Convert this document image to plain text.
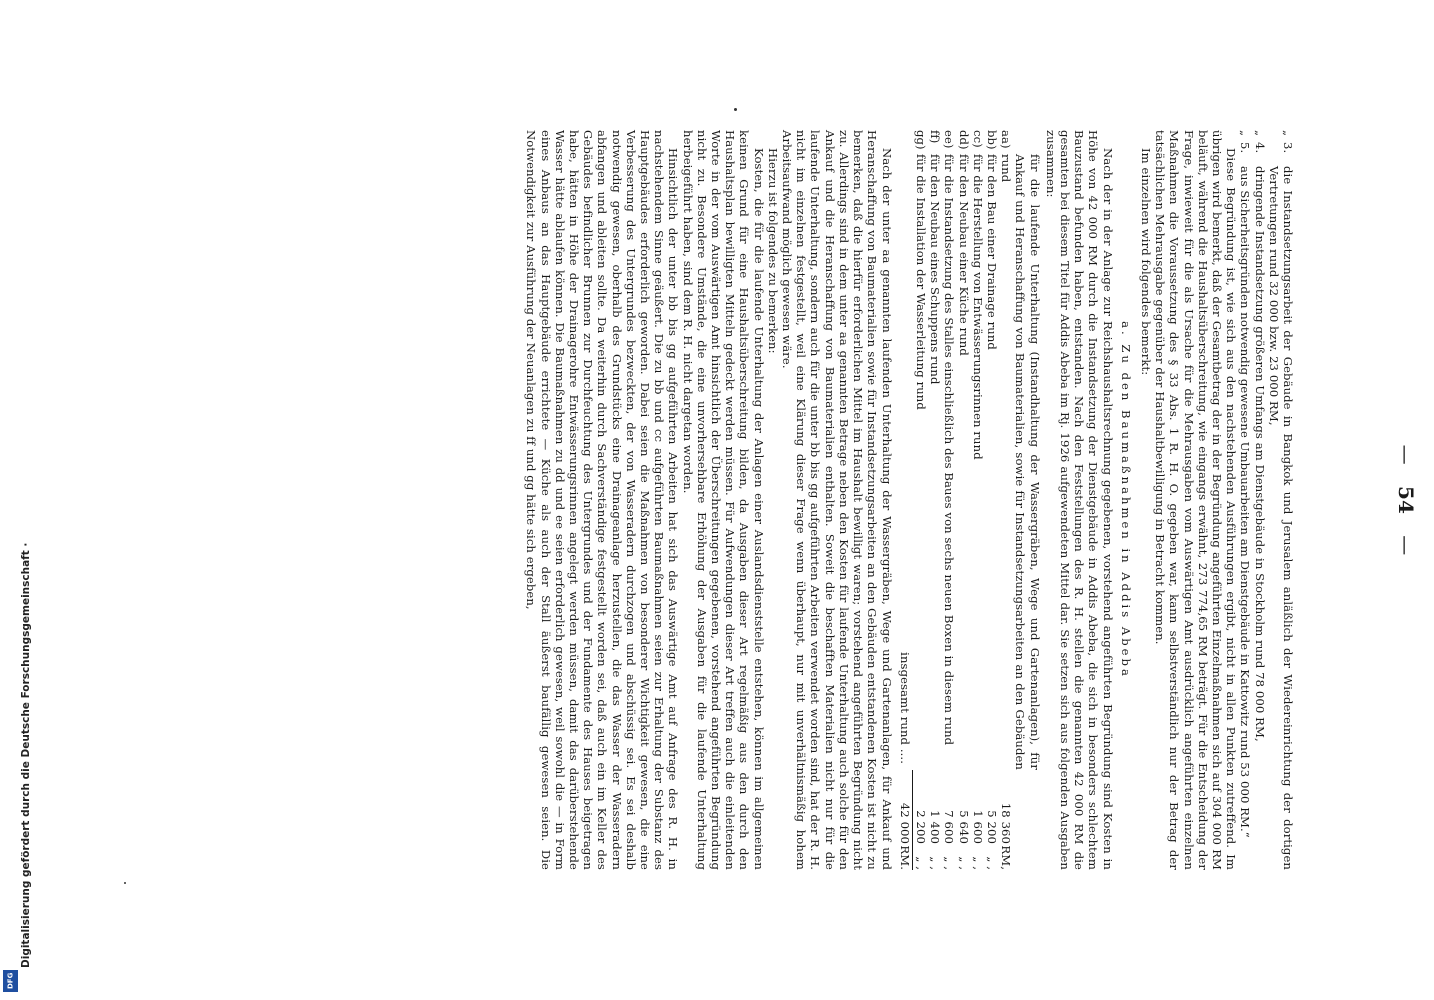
—   54   —

„
3.
die Instandsetzungsarbeit der Gebäude in Bangkok und Jerusalem anläßlich der Wiedereinrichtung der dortigen Vertretungen rund 32 000 bzw. 23 000 RM,

„
4.
dringende Instandsetzung größeren Umfangs am Dienstgebäude in Stockholm rund 78 000 RM,

„
5.
aus Sicherheitsgründen notwendig gewesene Umbauarbeiten am Dienstgebäude in Kattowitz rund 53 000 RM.“

Diese Begründung ist, wie sich aus den nachstehenden Ausführungen ergibt, nicht in allen Punkten zutreffend. Im übrigen wird bemerkt, daß der Gesamtbetrag der in der Begründung angeführten Einzelmaßnahmen sich auf 304 000 RM beläuft, während die Haushaltsüberschreitung, wie eingangs erwähnt, 273 774,65 RM beträgt. Für die Entscheidung der Frage, inwieweit für die als Ursache für die Mehrausgaben vom Auswärtigen Amt ausdrücklich angeführten einzelnen Maßnahmen die Voraussetzung des § 33 Abs. 1 R. H. O. gegeben war, kann selbstverständlich nur der Betrag der tatsächlichen Mehrausgabe gegenüber der Haushaltbewilligung in Betracht kommen.

Im einzelnen wird folgendes bemerkt:

a. Zu den Baumaßnahmen in Addis Abeba

Nach der in der Anlage zur Reichshaushaltsrechnung gegebenen, vorstehend angeführten Begründung sind Kosten in Höhe von 42 000 RM durch die Instandsetzung der Dienstgebäude in Addis Abeba, die sich in besonders schlechtem Bauzustand befunden haben, entstanden. Nach den Feststellungen des R. H. stellen die genannten 42 000 RM die gesamten bei diesem Titel für Addis Abeba im Rj. 1926 aufgewendeten Mittel dar. Sie setzen sich aus folgenden Ausgaben zusammen:

aa)
für die laufende Unterhaltung (Instandhaltung der Wassergräben, Wege und Gartenanlagen), für Ankauf und Heranschaffung von Baumaterialien, sowie für Instandsetzungsarbeiten an den Gebäuden rund
18 360
RM,
bb)
für den Bau einer Drainage rund
5 200
„ ,
cc)
für die Herstellung von Entwässerungsrinnen rund
1 600
„ ,
dd)
für den Neubau einer Küche rund
5 640
„ ,
ee)
für die Instandsetzung des Stalles einschließlich des Baues von sechs neuen Boxen in diesem rund
7 600
„ ,
ff)
für den Neubau eines Schuppens rund
1 400
„ ,
gg)
für die Installation der Wasserleitung rund
2 200
„ ,
insgesamt rund ....
42 000
RM.

Nach der unter aa genannten laufenden Unterhaltung der Wassergräben, Wege und Gartenanlagen, für Ankauf und Heranschaffung von Baumaterialien sowie für Instandsetzungsarbeiten an den Gebäuden entstandenen Kosten ist nicht zu bemerken, daß die hierfür erforderlichen Mittel im Haushalt bewilligt waren; vorstehend angeführten Begründung nicht zu. Allerdings sind in dem unter aa genannten Betrage neben den Kosten für laufende Unterhaltung auch solche für den Ankauf und die Heranschaffung von Baumaterialien enthalten. Soweit die beschafften Materialien nicht nur für die laufende Unterhaltung, sondern auch für die unter bb bis gg aufgeführten Arbeiten verwendet worden sind, hat der R. H. nicht im einzelnen festgestellt, weil eine Klärung dieser Frage wenn überhaupt, nur mit unverhältnismäßig hohem Arbeitsaufwand möglich gewesen wäre.

Hierzu ist folgendes zu bemerken:

Kosten, die für die laufende Unterhaltung der Anlagen einer Auslandsdienststelle entstehen, können im allgemeinen keinen Grund für eine Haushaltsüberschreitung bilden, da Ausgaben dieser Art regelmäßig aus den durch den Haushaltsplan bewilligten Mitteln gedeckt werden müssen. Für Aufwendungen dieser Art treffen auch die einleitenden Worte in der vom Auswärtigen Amt hinsichtlich der Überschreitungen gegebenen, vorstehend angeführten Begründung nicht zu. Besondere Umstände, die eine unvorhersehbare Erhöhung der Ausgaben für die laufende Unterhaltung herbeigeführt haben, sind dem R. H. nicht dargetan worden.

Hinsichtlich der unter bb bis gg aufgeführten Arbeiten hat sich das Auswärtige Amt auf Anfrage des R. H. in nachstehendem Sinne geäußert. Die zu bb und cc aufgeführten Baumaßnahmen seien zur Erhaltung der Substanz des Hauptgebäudes erforderlich geworden. Dabei seien die Maßnahmen von besonderer Wichtigkeit gewesen, die eine Verbesserung des Untergrundes bezweckten, der von Wasseradern durchzogen und abschüssig sei. Es sei deshalb notwendig gewesen, oberhalb des Grundstücks eine Drainageanlage herzustellen, die das Wasser der Wasseradern abfangen und ableiten sollte. Da weiterhin durch Sachverständige festgestellt worden sei, daß auch ein im Keller des Gebäudes befindlicher Brunnen zur Durchfeuchtung des Untergrundes und der Fundamente des Hauses beigetragen habe, hätten in Höhe der Drainagerohre Entwässerungsrinnen angelegt werden müssen, damit das darüberstehende Wasser hätte ablaufen können. Die Baumaßnahmen zu dd und ee seien erforderlich gewesen, weil sowohl die — in Form eines Anbaus an das Hauptgebäude errichtete — Küche als auch der Stall äußerst baufällig gewesen seien. Die Notwendigkeit zur Ausführung der Neuanlagen zu ff und gg hätte sich ergeben,

Digitalisierung gefördert durch die Deutsche Forschungsgemeinschaft ·
DFG
